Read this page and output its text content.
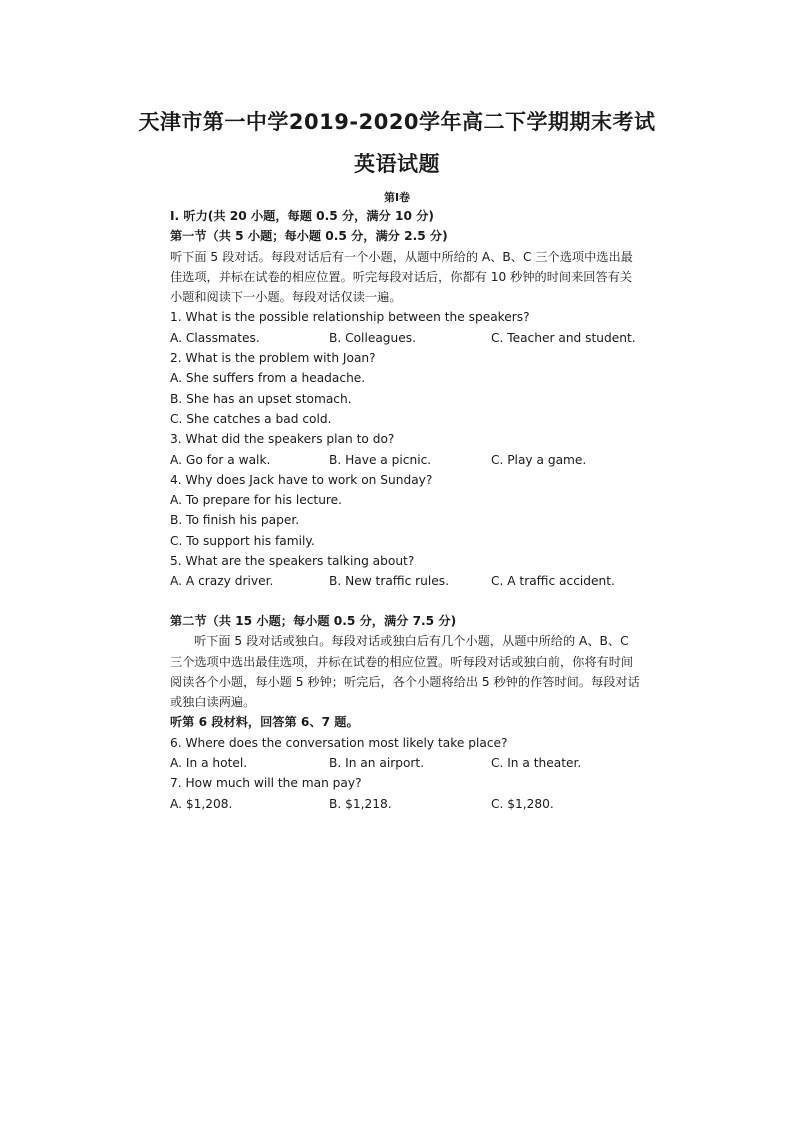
天津市第一中学2019-2020学年高二下学期期末考试
英语试题
第Ⅰ卷
I. 听力(共 20 小题，每题 0.5 分，满分 10 分)
第一节（共 5 小题；每小题 0.5 分，满分 2.5 分)
听下面 5 段对话。每段对话后有一个小题，从题中所给的 A、B、C 三个选项中选出最佳选项，并标在试卷的相应位置。听完每段对话后，你都有 10 秒钟的时间来回答有关小题和阅读下一小题。每段对话仅读一遍。
1. What is the possible relationship between the speakers?
A. Classmates.	B. Colleagues.	C. Teacher and student.
2. What is the problem with Joan?
A. She suffers from a headache.
B. She has an upset stomach.
C. She catches a bad cold.
3. What did the speakers plan to do?
A. Go for a walk.	B. Have a picnic.	C. Play a game.
4. Why does Jack have to work on Sunday?
A. To prepare for his lecture.
B. To finish his paper.
C. To support his family.
5. What are the speakers talking about?
A. A crazy driver.	B. New traffic rules.	C. A traffic accident.
第二节（共 15 小题；每小题 0.5 分，满分 7.5 分)
听下面 5 段对话或独白。每段对话或独白后有几个小题，从题中所给的 A、B、C 三个选项中选出最佳选项，并标在试卷的相应位置。听每段对话或独白前，你将有时间阅读各个小题，每小题 5 秒钟；听完后，各个小题将给出 5 秒钟的作答时间。每段对话或独白读两遍。
听第 6 段材料，回答第 6、7 题。
6. Where does the conversation most likely take place?
A. In a hotel.	B. In an airport.	C. In a theater.
7. How much will the man pay?
A. $1,208.	B. $1,218.	C. $1,280.
